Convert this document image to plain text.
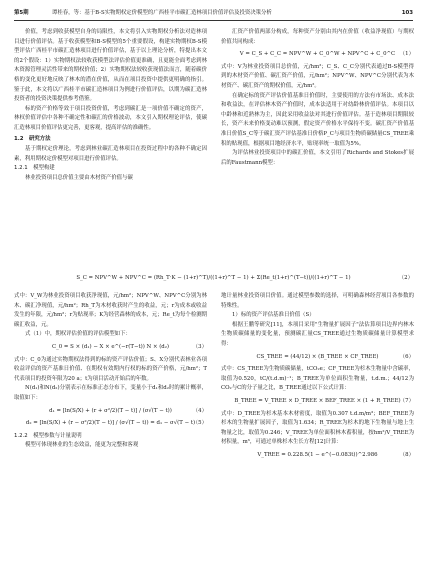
第5期	谭桂春，等：基于B-S实物期权定价模型的广西桂平市碳汇造林项目价值评估及投资决策分析	103

价值，考虑到收获模型自身的局限性，本文将引入实物期权分析法对造林项目进行价值评估。基于收获模型和B-S模型的5个重要假设，构建实物期权B-S模型评估广西桂平市碳汇造林项目进行价值评估，基于以上理论分析，特提出本文的2个假设：1）实物期权法较收获模型法评估价值更准确，且更能全面考虑到林木资源管理灵活性带来的期权价值；2）实物期权法较收获现值法而言，随着碳价格的变化更好地反映了林木的潜在价值，从而在项目投资中提供更明确的指引。鉴于此，本文将以广西桂平市碳汇造林项目为例进行价值评估，以期为碳汇造林投资者的投资决策提供参考借鉴。

标的资产价格等效于项目投资价值，考虑到碳汇是一项价值不确定的资产，林权价值评估中各种不确定性和碳汇的价格波动，本文引入期权理论评估，使碳汇造林项目价值评估更完善，更客观，提高评估的准确性。

1.2　研究方法

基于期权定价理论，考虑到林业碳汇造林项目在投资过程中的各种不确定因素，利用期权定价模型对项目进行价值评估。

1.2.1　模型构建

林业投资项目总价值主要由木材资产价值与碳

汇资产价值两部分构成，每种资产分别由其内在价值（收益净现值）与期权价值共同构成：

V = C_S + C_C = NPV^W + C_0^W + NPV^C + C_0^C （1）

式中：V为林业投资项目总价值，元/hm²；C_S、C_C分别代表通过B-S模型得到的木材资产价值、碳汇资产价值，元/hm²；NPV^W、NPV^C分别代表为木材资产、碳汇资产的期权价值，元/hm²。

在确定标的资产评估价值基准日价值时，主要使用的方法有市场法、成本法和收益法，在评估林木资产价值时，成本法适用于对幼龄林价值评估。本项目以中龄林和近熟林为主，因此采用收益法对其进行价值评估。基于造林项目期限较长，资产未来价格变动难以预测，假定资产价格水平保持不变。碳汇资产价值基准日价值S_C等于碳汇资产评估基准日价格P_C与项目生物质碳储量CS_TREE乘积的贴现值，根据项目地经济水平，贴现率统一取值为5%。

为评估林业投资项目中的碳汇价值，本文引用了Richards and Stokes扩展后的Faustmann模型：

S_C = NPV^W + NPV^C = (Rh_T·K − (1+r)^T)/((1+r)^T − 1) + Σ(Re_t(1+r)^(T−t))/((1+r)^T − 1)	（2）

式中：V_W为林业投资项目收获净现值，元/hm²；NPV^W、NPV^C分别为林木、碳汇净现值，元/hm²；Rh_T为木材收获时产生的收益，元；r为成本或收益发生的年限，元/hm²；r为贴现率；K为经营森林的成本，元；Re_t为每个检测期碳汇收益，元。

式（1）中，期权评估价值的评估模型如下：

C_0 = S × (d₁) − X × e^(−r(T−t)) N × (d₂)	（3）

式中：C_0为通过实物期权法得到的标的资产评估价值；S、X分别代表林业各项收益评估的资产基准日价值、在期权有效期内行权的标的资产价格，元/hm²；T代表项目的投资年限为20 a；t为项目活动开始后的年数。

N(d₁)和N(d₂)分别表示在标准正态分布下，变量小于d₁和d₂时的累计概率，取值如下：

d₁ = [ln(S/X) + (r + σ²/2)(T − t)] / (σ√(T − t))	（4）
d₂ = [ln(S/X) + (r − σ²/2)(T − t)] / (σ√(T − t)) = d₁ − σ√(T − t)
（5）
1.2.2　模型参数与计量说明

模型可体现林业的生态效益，能更为完整和客观

地计量林业投资项目价值。通过模型参数的选择，可明确森林经营项目各参数的特殊性。

1）标的资产评估基准日价值（S）

根据王鹏等研究[11]，本项目采用"生物量扩展因子"法估算项目边界内林木生物质碳储量的变化量，预测碳汇量CS_TREE通过生物质碳储量计算模型求得：

CS_TREE = (44/12) × (B_TREE × CF_TREE)	（6）

式中：CS_TREE为生物质碳储量，tCO₂e；CF_TREE为杉木生物量中含碳率，取值为0.520，tC/(t.d.m)⁻¹；B_TREE为单位面积生物量，t.d.m.；44/12为CO₂与C的分子量之比，B_TREE通过以下公式计算：

B_TREE = V_TREE × D_TREE × BEF_TREE × (1 + R_TREE) （7）

式中：D_TREE为杉木基本木材密度，取值为0.307 t.d.m/m³；BEF_TREE为杉木的生物量扩展因子，取值为1.634；R_TREE为杉木的地下生物量与地上生物量之比，取值为0.246；V_TREE为单位面积林木蓄积量，按hm²/V_TREE为材积量，m³，可通过单株杉木生长方程[12]计算：

V_TREE = 0.228.5(1 − e^(−0.083t))^2.986	（8）
